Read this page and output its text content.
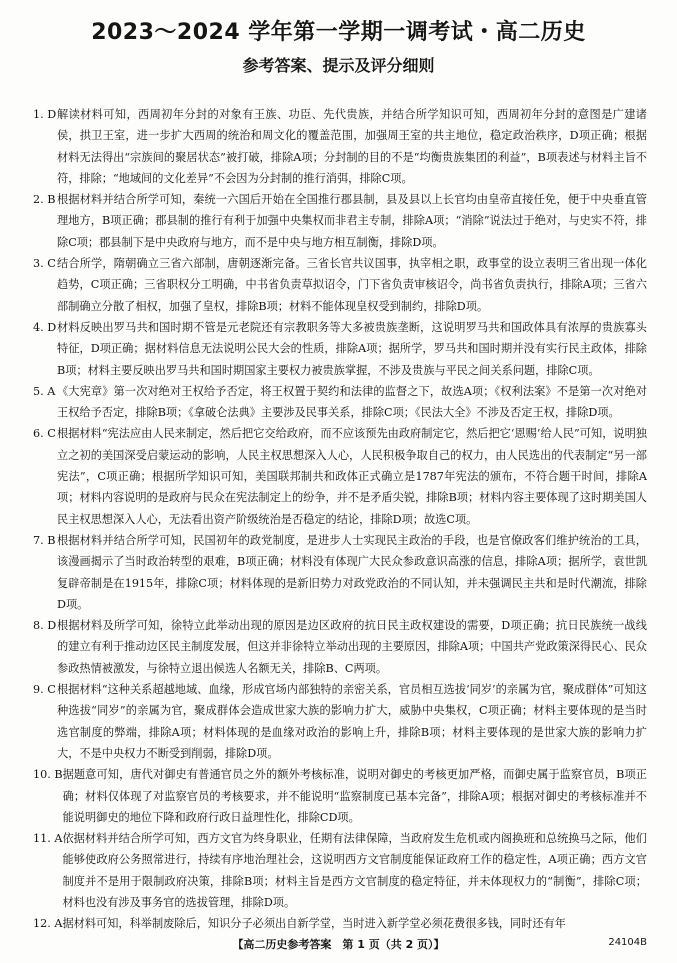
2023～2024 学年第一学期一调考试・高二历史
参考答案、提示及评分细则
1. D 解读材料可知，西周初年分封的对象有王族、功臣、先代贵族，并结合所学知识可知，西周初年分封的意图是广建诸侯，拱卫王室，进一步扩大西周的统治和周文化的覆盖范围，加强周王室的共主地位，稳定政治秩序，D项正确；根据材料无法得出“宗族间的聚居状态”被打破，排除A项；分封制的目的不是“均衡贵族集团的利益”，B项表述与材料主旨不符，排除；“地域间的文化差异”不会因为分封制的推行消弭，排除C项。
2. B 根据材料并结合所学可知，秦统一六国后开始在全国推行郡县制，县及县以上长官均由皇帝直接任免，便于中央垂直管理地方，B项正确；郡县制的推行有利于加强中央集权而非君主专制，排除A项；“消除”说法过于绝对，与史实不符，排除C项；郡县制下是中央政府与地方，而不是中央与地方相互制衡，排除D项。
3. C 结合所学，隋朝确立三省六部制，唐朝逐渐完备。三省长官共议国事，执宰相之职，政事堂的设立表明三省出现一体化趋势，C项正确；三省职权分工明确，中书省负责草拟诏令，门下省负责审核诏令，尚书省负责执行，排除A项；三省六部制确立分散了相权，加强了皇权，排除B项；材料不能体现皇权受到制约，排除D项。
4. D 材料反映出罗马共和国时期不管是元老院还有宗教职务等大多被贵族垄断，这说明罗马共和国政体具有浓厚的贵族寡头特征，D项正确；据材料信息无法说明公民大会的性质，排除A项；据所学，罗马共和国时期并没有实行民主政体，排除B项；材料主要反映出罗马共和国时期国家主要权力被贵族掌握，不涉及贵族与平民之间关系问题，排除C项。
5. A 《大宪章》第一次对绝对王权给予否定，将王权置于契约和法律的监督之下，故选A项；《权利法案》不是第一次对绝对王权给予否定，排除B项；《拿破仑法典》主要涉及民事关系，排除C项；《民法大全》不涉及否定王权，排除D项。
6. C 根据材料“宪法应由人民来制定，然后把它交给政府，而不应该预先由政府制定它，然后把它‘恩赐’给人民”可知，说明独立之初的美国深受启蒙运动的影响，人民主权思想深入人心，人民积极争取自己的权力，由人民选出的代表制定“另一部宪法”，C项正确；根据所学知识可知，美国联邦制共和政体正式确立是1787年宪法的颁布，不符合题干时间，排除A项；材料内容说明的是政府与民众在宪法制定上的纷争，并不是矛盾尖锐，排除B项；材料内容主要体现了这时期美国人民主权思想深入人心，无法看出资产阶级统治是否稳定的结论，排除D项；故选C项。
7. B 根据材料并结合所学可知，民国初年的政党制度，是进步人士实现民主政治的手段，也是官僚政客们维护统治的工具，该漫画揭示了当时政治转型的艰难，B项正确；材料没有体现广大民众参政意识高涨的信息，排除A项；据所学，袁世凯复辟帝制是在1915年，排除C项；材料体现的是新旧势力对政党政治的不同认知，并未强调民主共和是时代潮流，排除D项。
8. D 根据材料及所学可知，徐特立此举动出现的原因是边区政府的抗日民主政权建设的需要，D项正确；抗日民族统一战线的建立有利于推动边区民主制度发展，但这并非徐特立举动出现的主要原因，排除A项；中国共产党政策深得民心、民众参政热情被激发，与徐特立退出候选人名额无关，排除B、C两项。
9. C 根据材料“这种关系超越地域、血缘，形成官场内部独特的亲密关系，官员相互选拔‘同岁’的亲属为官，聚成群体”可知这种选拔“同岁”的亲属为官，聚成群体会造成世家大族的影响力扩大，威胁中央集权，C项正确；材料主要体现的是当时选官制度的弊端，排除A项；材料体现的是血缘对政治的影响上升，排除B项；材料主要体现的是世家大族的影响力扩大，不是中央权力不断受到削弱，排除D项。
10. B 据题意可知，唐代对御史有普通官员之外的额外考核标准，说明对御史的考核更加严格，而御史属于监察官员，B项正确；材料仅体现了对监察官员的考核要求，并不能说明“监察制度已基本完备”，排除A项；根据对御史的考核标准并不能说明御史的地位下降和政府行政日益理性化，排除CD项。
11. A 依据材料并结合所学可知，西方文官为终身职业，任期有法律保障，当政府发生危机或内阁换班和总统换马之际，他们能够使政府公务照常进行，持续有序地治理社会，这说明西方文官制度能保证政府工作的稳定性，A项正确；西方文官制度并不是用于限制政府决策，排除B项；材料主旨是西方文官制度的稳定特征，并未体现权力的“制衡”，排除C项；材料也没有涉及事务官的选拔管理，排除D项。
12. A 据材料可知，科举制废除后，知识分子必须出自新学堂，当时进入新学堂必须花费很多钱，同时还有年
【高二历史参考答案　第 1 页（共 2 页）】	24104B
